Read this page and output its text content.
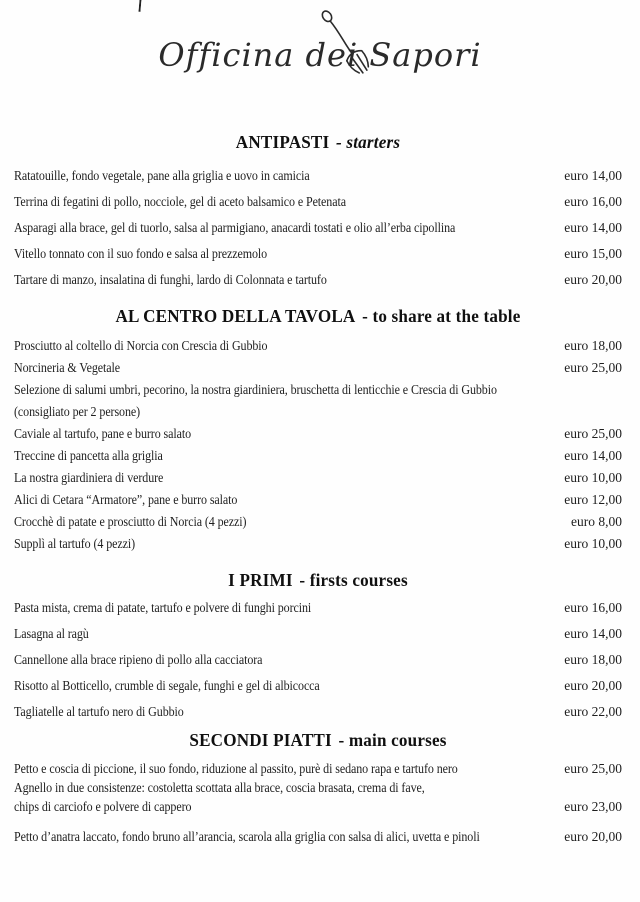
Officina dei Sapori
ANTIPASTI - starters
Ratatouille, fondo vegetale, pane alla griglia e uovo in camicia	euro 14,00
Terrina di fegatini di pollo, nocciole, gel di aceto balsamico e Petenata	euro 16,00
Asparagi alla brace, gel di tuorlo, salsa al parmigiano, anacardi tostati e olio all’erba cipollina	euro 14,00
Vitello tonnato con il suo fondo e salsa al prezzemolo	euro 15,00
Tartare di manzo, insalatina di funghi, lardo di Colonnata e tartufo	euro 20,00
AL CENTRO DELLA TAVOLA - to share at the table
Prosciutto al coltello di Norcia con Crescia di Gubbio	euro 18,00
Norcineria & Vegetale	euro 25,00
Selezione di salumi umbri, pecorino, la nostra giardiniera, bruschetta di lenticchie e Crescia di Gubbio
(consigliato per 2 persone)
Caviale al tartufo, pane e burro salato	euro 25,00
Treccine di pancetta alla griglia	euro 14,00
La nostra giardiniera di verdure	euro 10,00
Alici di Cetara “Armatore”, pane e burro salato	euro 12,00
Crocchè di patate e prosciutto di Norcia (4 pezzi)	euro 8,00
Supplì al tartufo (4 pezzi)	euro 10,00
I PRIMI - firsts courses
Pasta mista, crema di patate, tartufo e polvere di funghi porcini	euro 16,00
Lasagna al ragù	euro 14,00
Cannellone alla brace ripieno di pollo alla cacciatora	euro 18,00
Risotto al Botticello, crumble di segale, funghi e gel di albicocca	euro 20,00
Tagliatelle al tartufo nero di Gubbio	euro 22,00
SECONDI PIATTI - main courses
Petto e coscia di piccione, il suo fondo, riduzione al passito, purè di sedano rapa e tartufo nero	euro 25,00
Agnello in due consistenze: costoletta scottata alla brace, coscia brasata, crema di fave,
chips di carciofo e polvere di cappero	euro 23,00
Petto d’anatra laccato, fondo bruno all’arancia, scarola alla griglia con salsa di alici, uvetta e pinoli	euro 20,00
